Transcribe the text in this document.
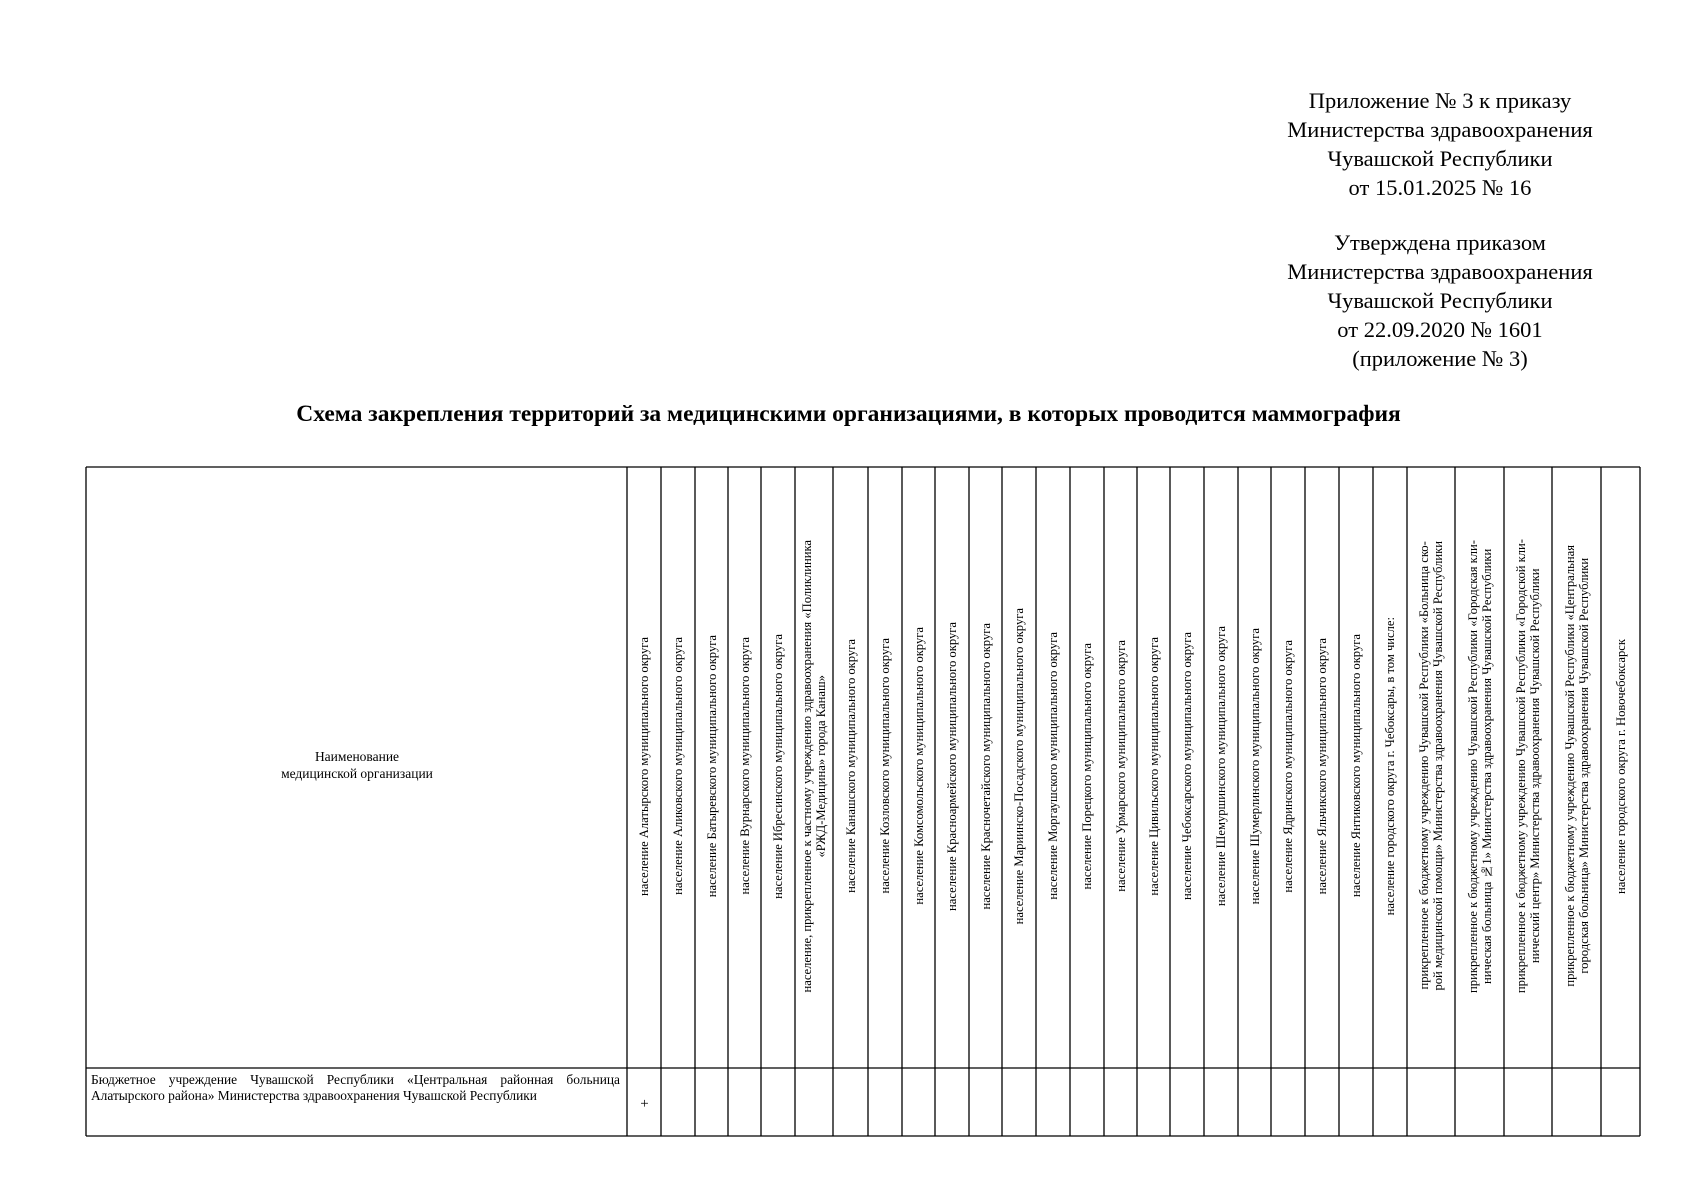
Приложение № 3 к приказу
Министерства здравоохранения
Чувашской Республики
от 15.01.2025 № 16
Утверждена приказом
Министерства здравоохранения
Чувашской Республики
от 22.09.2020 № 1601
(приложение № 3)
Схема закрепления территорий за медицинскими организациями, в которых проводится маммография
Наименование
медицинской организации	население Алатырского муниципального округа население Аликовского муниципального округа население Батыревского муниципального округа население Вурнарского муниципального округа население Ибресинского муниципального округа
население, прикрепленное к частному учреждению здравоохранения «Поликлиника
«РЖД-Медицина» города Канаш» население Канашского муниципального округа население Козловского муниципального округа население Комсомольского муниципального округа население Красноармейского муниципального округа население Красночетайского муниципального округа население Мариинско-Посадского муниципального округа население Моргаушского муниципального округа население Порецкого муниципального округа население Урмарского муниципального округа население Цивильского муниципального округа население Чебоксарского муниципального округа население Шемуршинского муниципального округа население Шумерлинского муниципального округа население Ядринского муниципального округа население Яльчикского муниципального округа население Янтиковского муниципального округа население городского округа г. Чебоксары, в том числе:
прикрепленное к бюджетному учреждению Чувашской Республики «Больница ско-
рой медицинской помощи» Министерства здравоохранения Чувашской Республики
прикрепленное к бюджетному учреждению Чувашской Республики «Городская кли-
ническая больница №1» Министерства здравоохранения Чувашской Республики
прикрепленное к бюджетному учреждению Чувашской Республики «Городской кли-
нический центр» Министерства здравоохранения Чувашской Республики
прикрепленное к бюджетному учреждению Чувашской Республики «Центральная
городская больница» Министерства здравоохранения Чувашской Республики
население городского округа г. Новочебоксарск
Бюджетное учреждение Чувашской Республики «Центральная районная больница Алатырского района» Министерства здравоохранения Чувашской Республики
+
